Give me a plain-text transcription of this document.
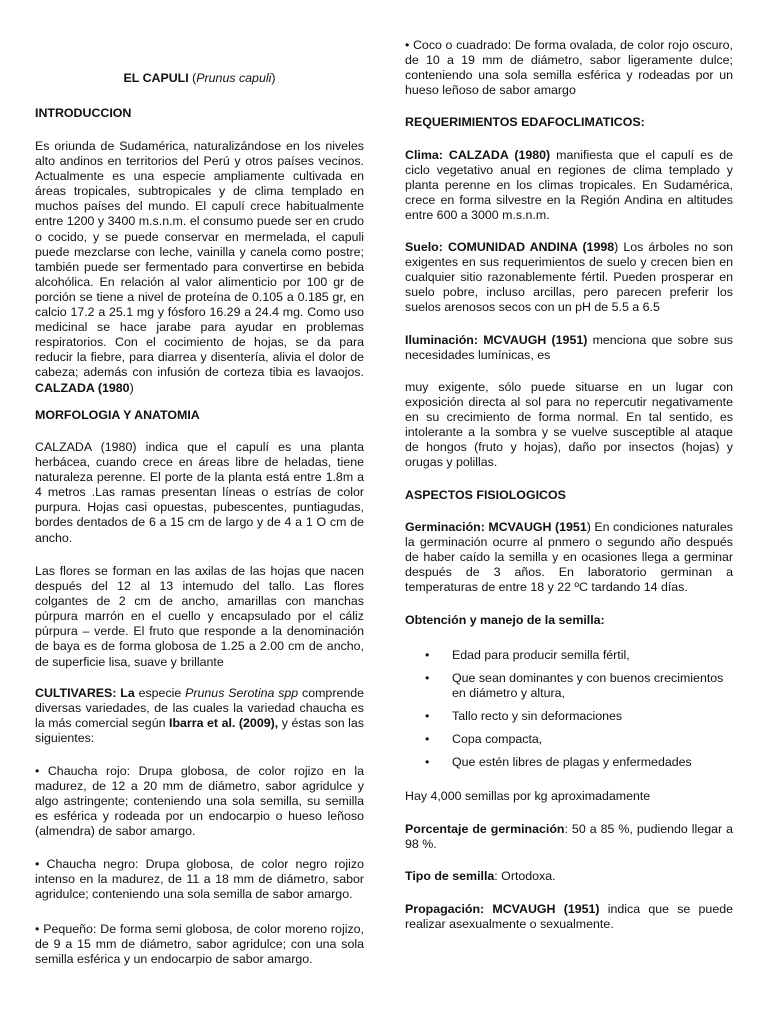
EL CAPULI (Prunus capuli)

INTRODUCCION

Es oriunda de Sudamérica, naturalizándose en los niveles alto andinos en territorios del Perú y otros países vecinos. Actualmente es una especie ampliamente cultivada en áreas tropicales, subtropicales y de clima templado en muchos países del mundo. El capulí crece habitualmente entre 1200 y 3400 m.s.n.m. el consumo puede ser en crudo o cocido, y se puede conservar en mermelada, el capuli puede mezclarse con leche, vainilla y canela como postre; también puede ser fermentado para convertirse en bebida alcohólica. En relación al valor alimenticio por 100 gr de porción se tiene a nivel de proteína de 0.105 a 0.185 gr, en calcio 17.2 a 25.1 mg y fósforo 16.29 a 24.4 mg. Como uso medicinal se hace jarabe para ayudar en problemas respiratorios. Con el cocimiento de hojas, se da para reducir la fiebre, para diarrea y disentería, alivia el dolor de cabeza; además con infusión de corteza tibia es lavaojos. CALZADA (1980)

MORFOLOGIA Y ANATOMIA

CALZADA (1980) indica que el capulí es una planta herbácea, cuando crece en áreas libre de heladas, tiene naturaleza perenne. El porte de la planta está entre 1.8m a 4 metros .Las ramas presentan líneas o estrías de color purpura. Hojas casi opuestas, pubescentes, puntiagudas, bordes dentados de 6 a 15 cm de largo y de 4 a 1 O cm de ancho.

Las flores se forman en las axilas de las hojas que nacen después del 12 al 13 intemudo del tallo. Las flores colgantes de 2 cm de ancho, amarillas con manchas púrpura marrón en el cuello y encapsulado por el cáliz púrpura – verde. El fruto que responde a la denominación de baya es de forma globosa de 1.25 a 2.00 cm de ancho, de superficie lisa, suave y brillante

CULTIVARES: La especie Prunus Serotina spp comprende diversas variedades, de las cuales la variedad chaucha es la más comercial según Ibarra et al. (2009), y éstas son las siguientes:

• Chaucha rojo: Drupa globosa, de color rojizo en la madurez, de 12 a 20 mm de diámetro, sabor agridulce y algo astringente; conteniendo una sola semilla, su semilla es esférica y rodeada por un endocarpio o hueso leñoso (almendra) de sabor amargo.

• Chaucha negro: Drupa globosa, de color negro rojizo intenso en la madurez, de 11 a 18 mm de diámetro, sabor agridulce; conteniendo una sola semilla de sabor amargo.

• Pequeño: De forma semi globosa, de color moreno rojizo, de 9 a 15 mm de diámetro, sabor agridulce; con una sola semilla esférica y un endocarpio de sabor amargo.

• Coco o cuadrado: De forma ovalada, de color rojo oscuro, de 10 a 19 mm de diámetro, sabor ligeramente dulce; conteniendo una sola semilla esférica y rodeadas por un hueso leñoso de sabor amargo

REQUERIMIENTOS EDAFOCLIMATICOS:

Clima: CALZADA (1980) manifiesta que el capulí es de ciclo vegetativo anual en regiones de clima templado y planta perenne en los climas tropicales. En Sudamérica, crece en forma silvestre en la Región Andina en altitudes entre 600 a 3000 m.s.n.m.

Suelo: COMUNIDAD ANDINA (1998) Los árboles no son exigentes en sus requerimientos de suelo y crecen bien en cualquier sitio razonablemente fértil. Pueden prosperar en suelo pobre, incluso arcillas, pero parecen preferir los suelos arenosos secos con un pH de 5.5 a 6.5

Iluminación: MCVAUGH (1951) menciona que sobre sus necesidades lumínicas, es

muy exigente, sólo puede situarse en un lugar con exposición directa al sol para no repercutir negativamente en su crecimiento de forma normal. En tal sentido, es intolerante a la sombra y se vuelve susceptible al ataque de hongos (fruto y hojas), daño por insectos (hojas) y orugas y polillas.

ASPECTOS FISIOLOGICOS

Germinación: MCVAUGH (1951) En condiciones naturales la germinación ocurre al pnmero o segundo año después de haber caído la semilla y en ocasiones llega a germinar después de 3 años. En laboratorio germinan a temperaturas de entre 18 y 22 ºC tardando 14 días.

Obtención y manejo de la semilla:

• Edad para producir semilla fértil,
• Que sean dominantes y con buenos crecimientos en diámetro y altura,
• Tallo recto y sin deformaciones
• Copa compacta,
• Que estén libres de plagas y enfermedades

Hay 4,000 semillas por kg aproximadamente

Porcentaje de germinación: 50 a 85 %, pudiendo llegar a 98 %.

Tipo de semilla: Ortodoxa.

Propagación: MCVAUGH (1951) indica que se puede realizar asexualmente o sexualmente.
